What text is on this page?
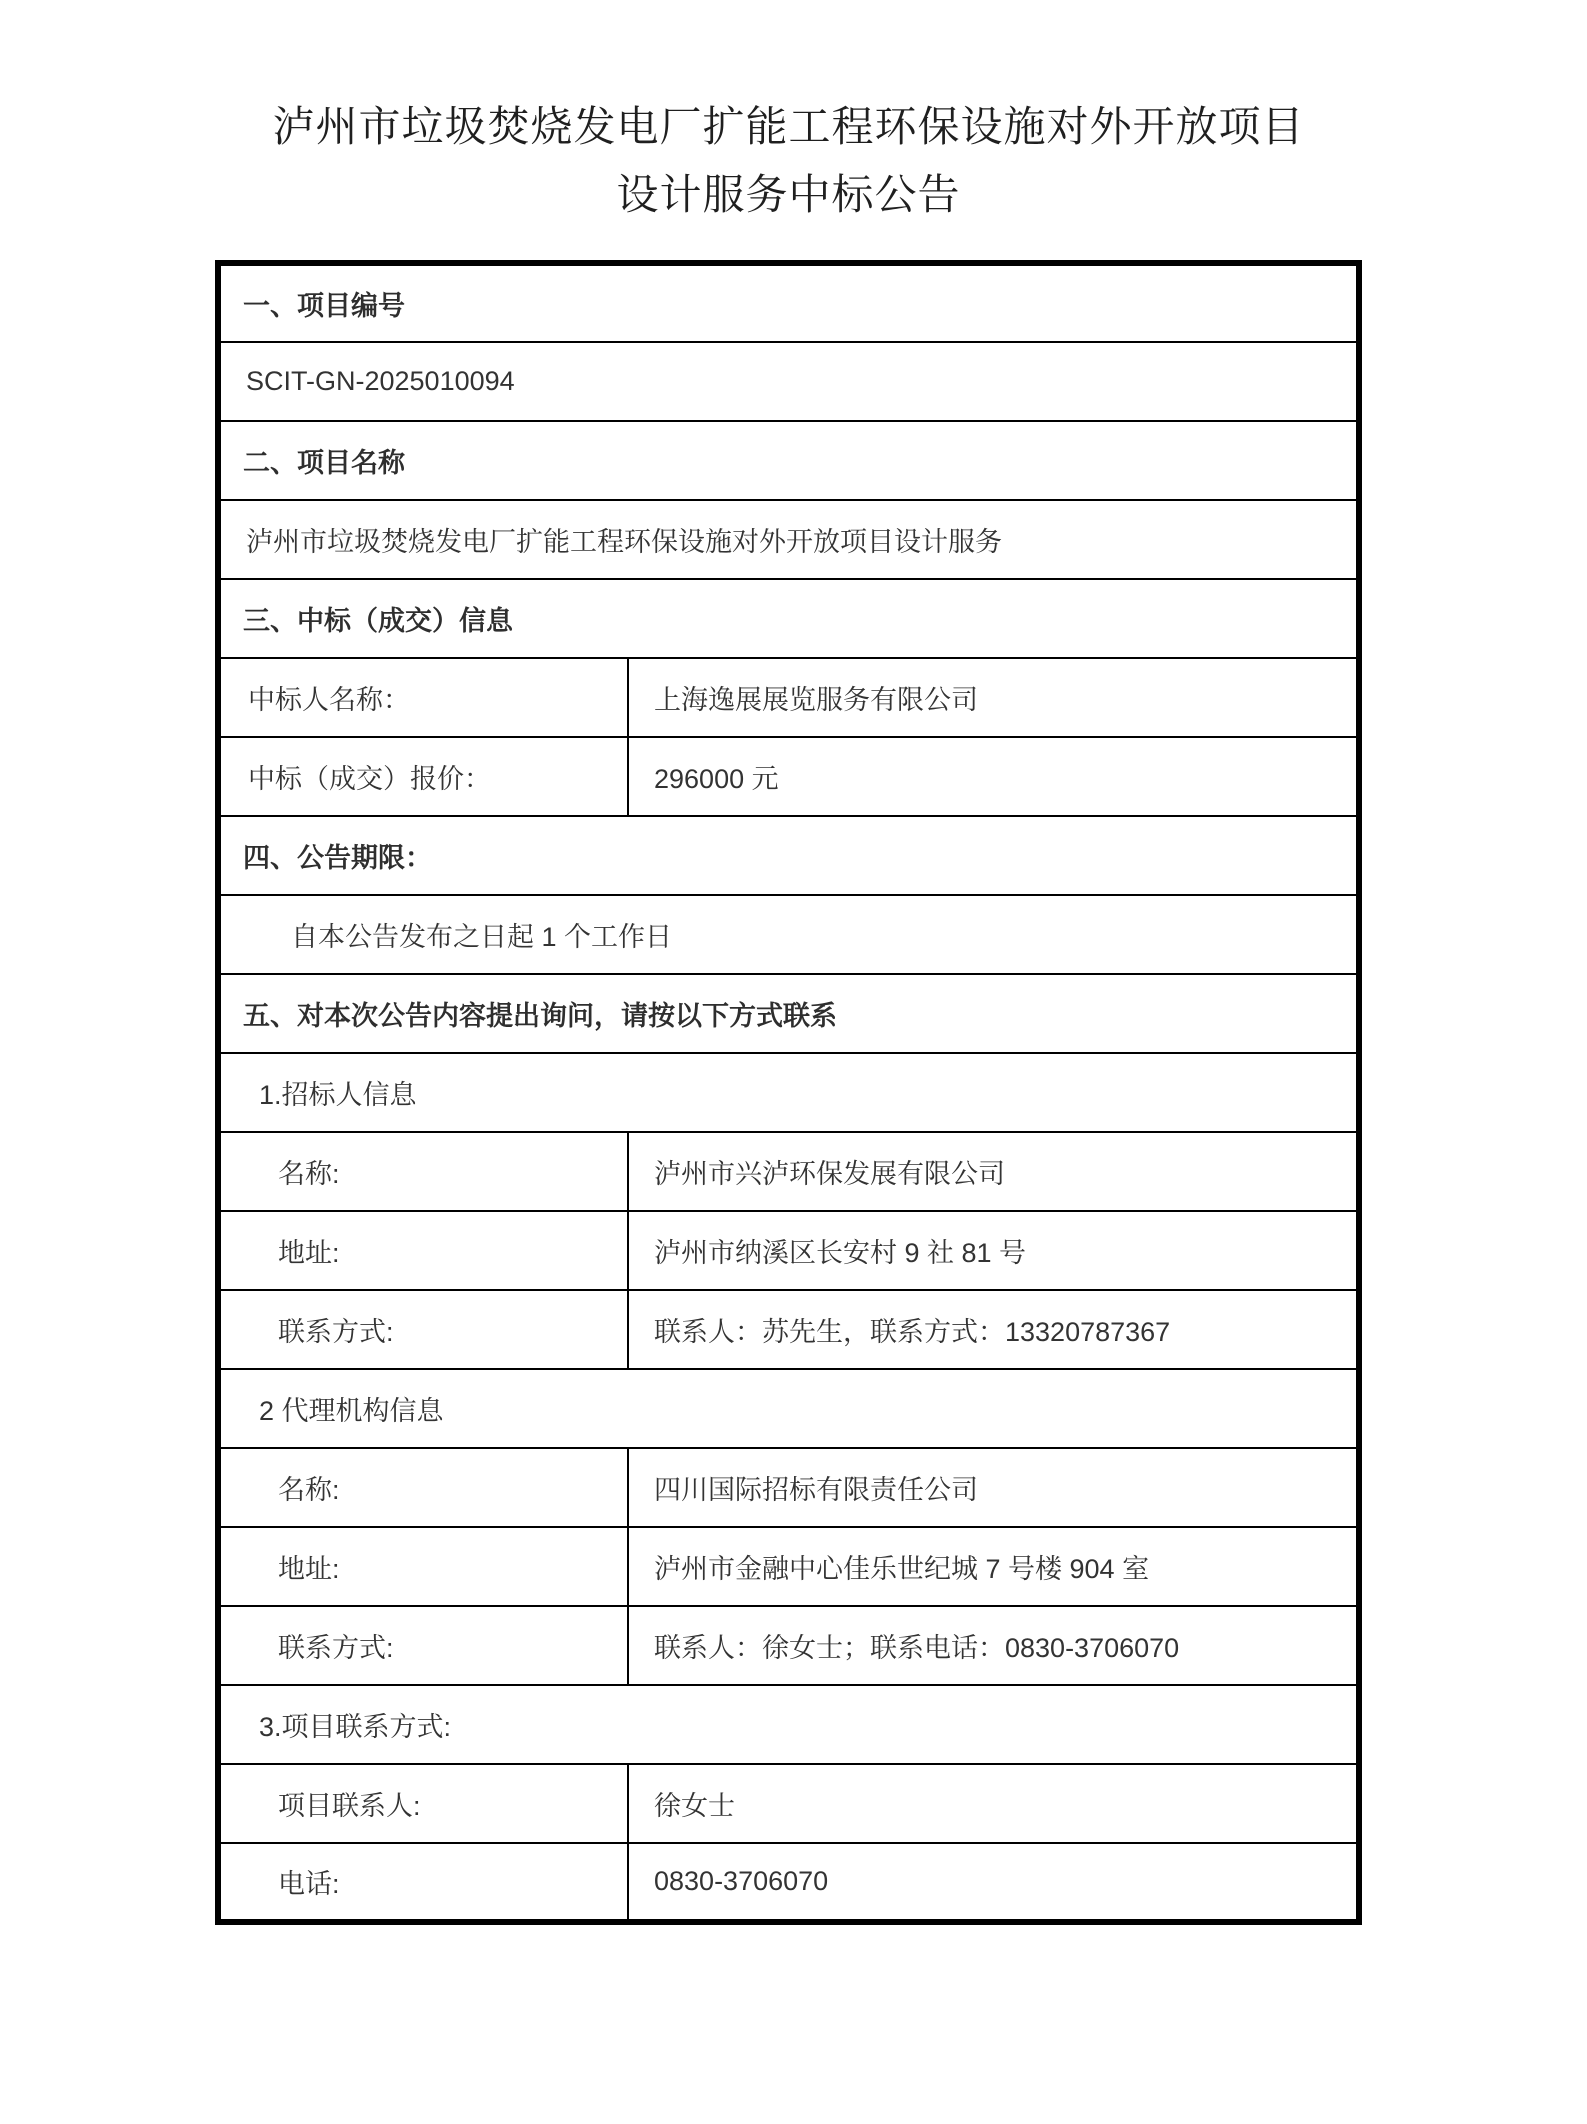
泸州市垃圾焚烧发电厂扩能工程环保设施对外开放项目
设计服务中标公告
一、项目编号	
SCIT-GN-2025010094	
二、项目名称	
泸州市垃圾焚烧发电厂扩能工程环保设施对外开放项目设计服务	
三、中标（成交）信息	
中标人名称：	上海逸展展览服务有限公司
中标（成交）报价：	296000 元
四、公告期限：	
自本公告发布之日起 1 个工作日	
五、对本次公告内容提出询问，请按以下方式联系	
1.招标人信息	
名称:	泸州市兴泸环保发展有限公司
地址:	泸州市纳溪区长安村 9 社 81 号
联系方式:	联系人：苏先生，联系方式：13320787367
2 代理机构信息	
名称:	四川国际招标有限责任公司
地址:	泸州市金融中心佳乐世纪城 7 号楼 904 室
联系方式:	联系人：徐女士；联系电话：0830-3706070
3.项目联系方式:	
项目联系人:	徐女士
电话:	0830-3706070
